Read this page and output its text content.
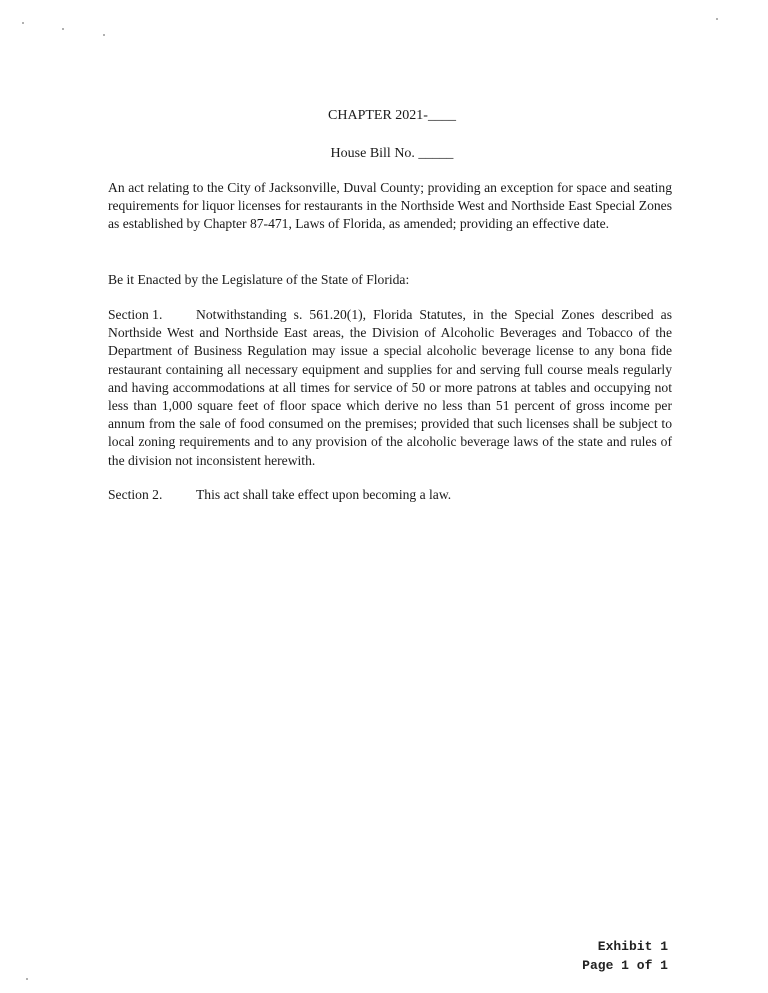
CHAPTER 2021-____
House Bill No. _____
An act relating to the City of Jacksonville, Duval County; providing an exception for space and seating requirements for liquor licenses for restaurants in the Northside West and Northside East Special Zones as established by Chapter 87-471, Laws of Florida, as amended; providing an effective date.
Be it Enacted by the Legislature of the State of Florida:
Section 1. Notwithstanding s. 561.20(1), Florida Statutes, in the Special Zones described as Northside West and Northside East areas, the Division of Alcoholic Beverages and Tobacco of the Department of Business Regulation may issue a special alcoholic beverage license to any bona fide restaurant containing all necessary equipment and supplies for and serving full course meals regularly and having accommodations at all times for service of 50 or more patrons at tables and occupying not less than 1,000 square feet of floor space which derive no less than 51 percent of gross income per annum from the sale of food consumed on the premises; provided that such licenses shall be subject to local zoning requirements and to any provision of the alcoholic beverage laws of the state and rules of the division not inconsistent herewith.
Section 2. This act shall take effect upon becoming a law.
Exhibit 1
Page 1 of 1
